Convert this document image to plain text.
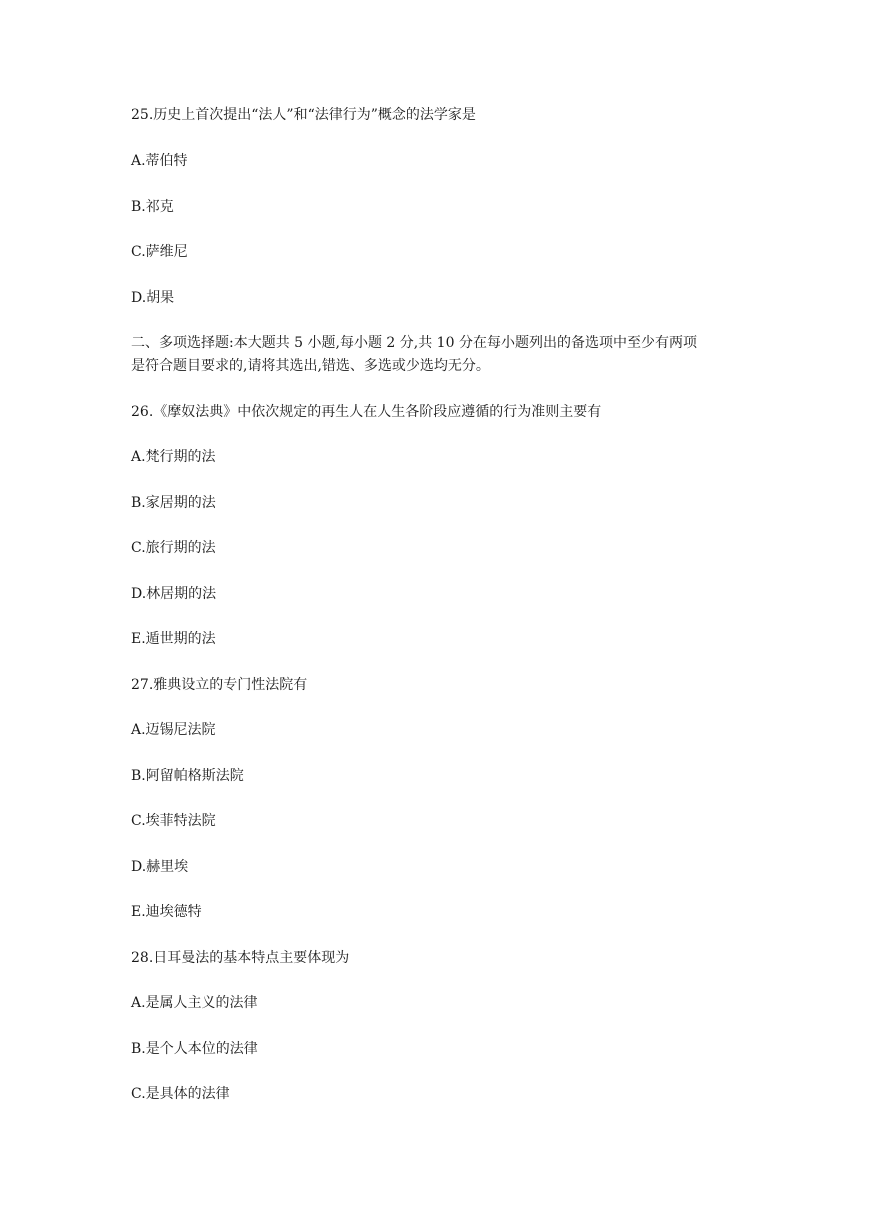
25.历史上首次提出“法人”和“法律行为”概念的法学家是
A.蒂伯特
B.祁克
C.萨维尼
D.胡果
二、多项选择题:本大题共 5 小题,每小题 2 分,共 10 分在每小题列出的备选项中至少有两项
是符合题目要求的,请将其选出,错选、多选或少选均无分。
26.《摩奴法典》中依次规定的再生人在人生各阶段应遵循的行为准则主要有
A.梵行期的法
B.家居期的法
C.旅行期的法
D.林居期的法
E.遁世期的法
27.雅典设立的专门性法院有
A.迈锡尼法院
B.阿留帕格斯法院
C.埃菲特法院
D.赫里埃
E.迪埃德特
28.日耳曼法的基本特点主要体现为
A.是属人主义的法律
B.是个人本位的法律
C.是具体的法律
